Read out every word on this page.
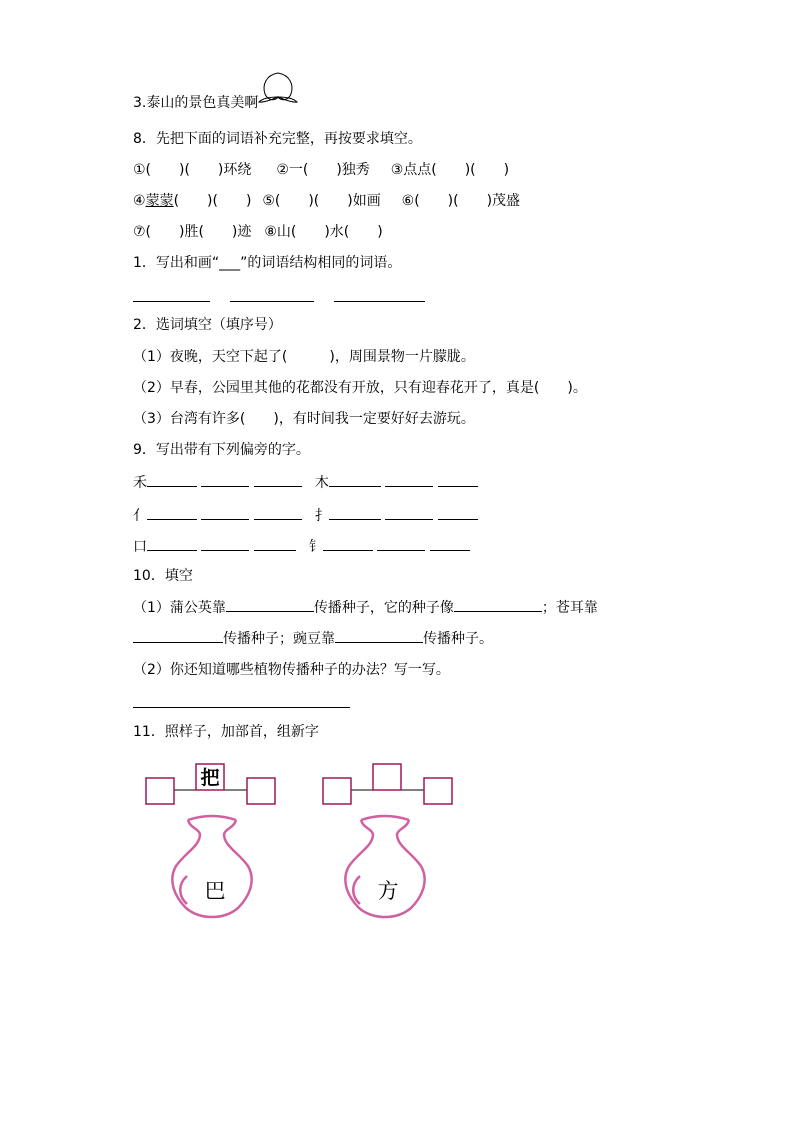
3.泰山的景色真美啊
8．先把下面的词语补充完整，再按要求填空。
①(　　)(　　)环绕 ②一(　　)独秀 ③点点(　　)(　　)
④蒙蒙(　　)(　　) ⑤(　　)(　　)如画 ⑥(　　)(　　)茂盛
⑦(　　)胜(　　)迹 ⑧山(　　)水(　　)
1．写出和画“___”的词语结构相同的词语。
2．选词填空（填序号）
（1）夜晚，天空下起了(　　　)，周围景物一片朦胧。
（2）早春，公园里其他的花都没有开放，只有迎春花开了，真是(　　)。
（3）台湾有许多(　　)，有时间我一定要好好去游玩。
9．写出带有下列偏旁的字。
禾	木
亻	扌
口	钅
10．填空
（1）蒲公英靠	传播种子，它的种子像	；苍耳靠
传播种子；豌豆靠	传播种子。
（2）你还知道哪些植物传播种子的办法？写一写。
11．照样子，加部首，组新字
把
巴	方
